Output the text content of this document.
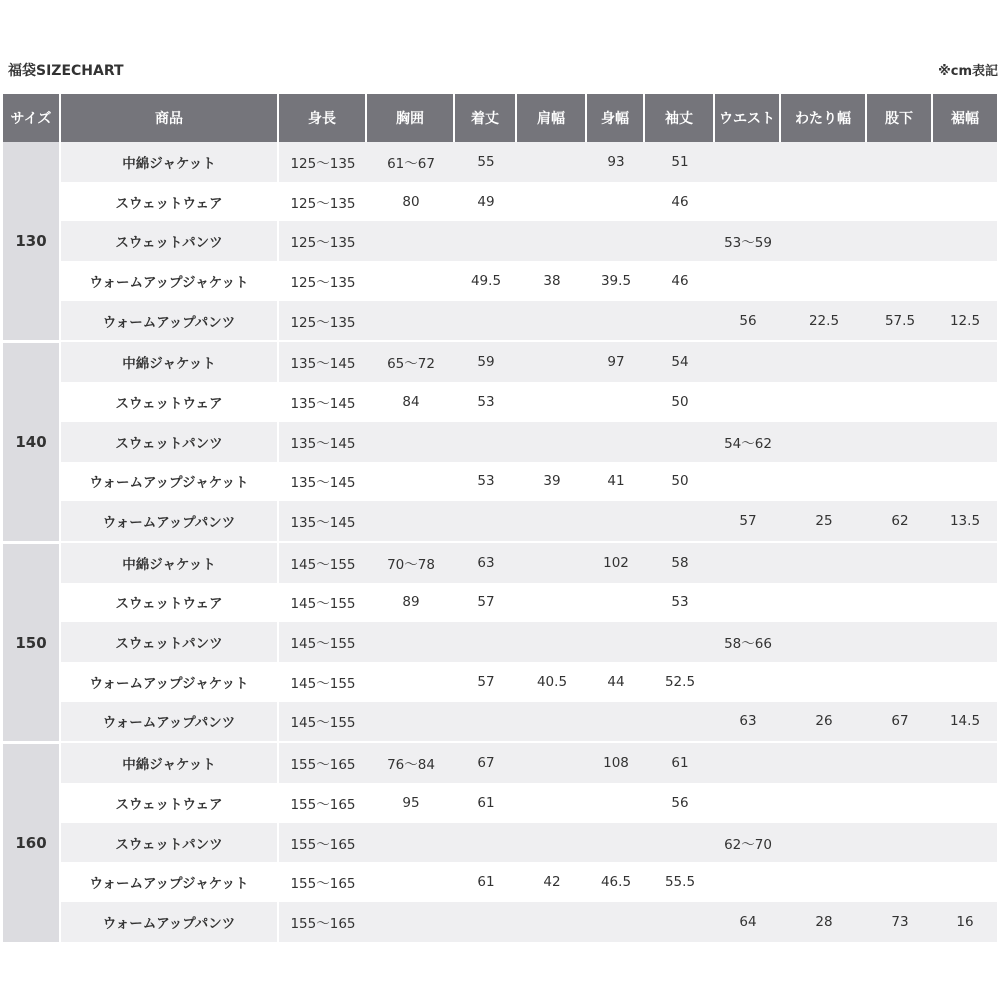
福袋SIZECHART	※cm表記
サイズ	商品	身長	胸囲	着丈	肩幅	身幅	袖丈	ウエスト	わたり幅	股下	裾幅
130	中綿ジャケット	125～135	61～67	55		93	51				
	スウェットウェア	125～135	80	49			46				
	スウェットパンツ	125～135						53～59			
	ウォームアップジャケット	125～135		49.5	38	39.5	46				
	ウォームアップパンツ	125～135						56	22.5	57.5	12.5
140	中綿ジャケット	135～145	65～72	59		97	54				
	スウェットウェア	135～145	84	53			50				
	スウェットパンツ	135～145						54～62			
	ウォームアップジャケット	135～145		53	39	41	50				
	ウォームアップパンツ	135～145						57	25	62	13.5
150	中綿ジャケット	145～155	70～78	63		102	58				
	スウェットウェア	145～155	89	57			53				
	スウェットパンツ	145～155						58～66			
	ウォームアップジャケット	145～155		57	40.5	44	52.5				
	ウォームアップパンツ	145～155						63	26	67	14.5
160	中綿ジャケット	155～165	76～84	67		108	61				
	スウェットウェア	155～165	95	61			56				
	スウェットパンツ	155～165						62～70			
	ウォームアップジャケット	155～165		61	42	46.5	55.5				
	ウォームアップパンツ	155～165						64	28	73	16
